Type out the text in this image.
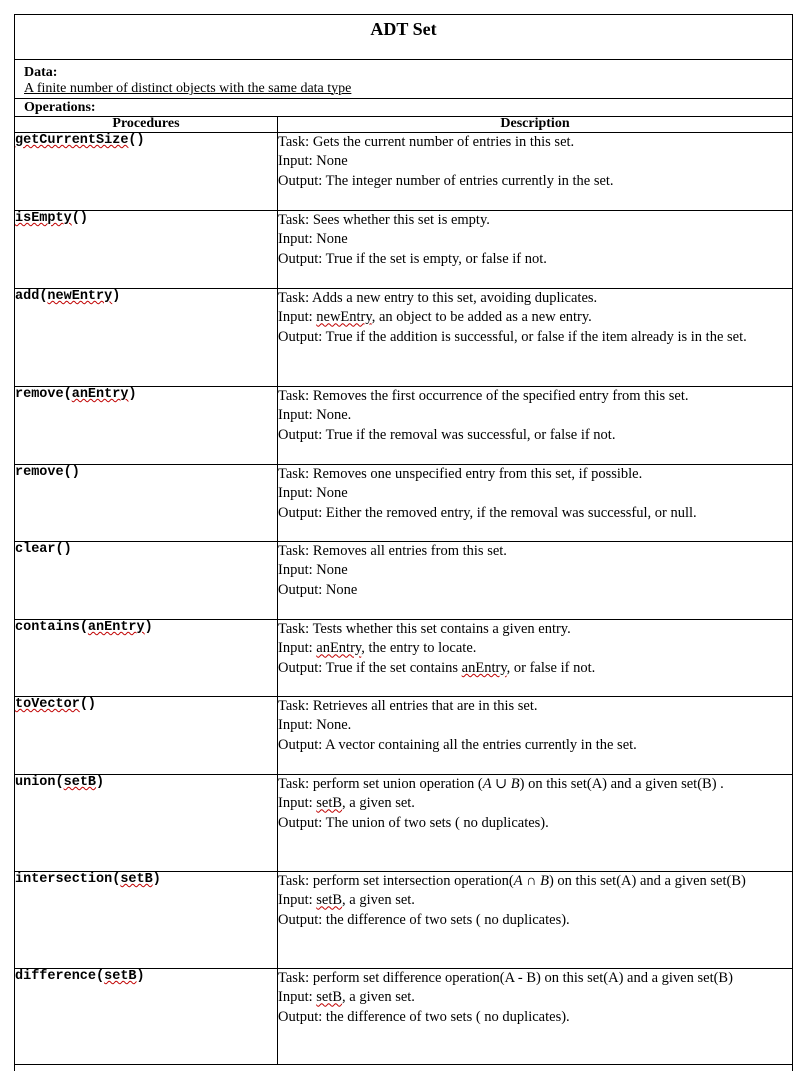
ADT Set
Data:
A finite number of distinct objects with the same data type
Operations:
Procedures	Description
getCurrentSize()	Task: Gets the current number of entries in this set.
Input: None
Output: The integer number of entries currently in the set.

isEmpty()	Task: Sees whether this set is empty.
Input: None
Output: True if the set is empty, or false if not.

add(newEntry)	Task: Adds a new entry to this set, avoiding duplicates.
Input: newEntry, an object to be added as a new entry.
Output: True if the addition is successful, or false if the item already is in the set.

remove(anEntry)	Task: Removes the first occurrence of the specified entry from this set.
Input: None.
Output: True if the removal was successful, or false if not.

remove()	Task: Removes one unspecified entry from this set, if possible.
Input: None
Output: Either the removed entry, if the removal was successful, or null.

clear()	Task: Removes all entries from this set.
Input: None
Output: None

contains(anEntry)	Task: Tests whether this set contains a given entry.
Input: anEntry, the entry to locate.
Output: True if the set contains anEntry, or false if not.

toVector()	Task: Retrieves all entries that are in this set.
Input: None.
Output: A vector containing all the entries currently in the set.

union(setB)	Task: perform set union operation (A ∪ B) on this set(A) and a given set(B) .
Input: setB, a given set.
Output: The union of two sets ( no duplicates).

intersection(setB)	Task: perform set intersection operation(A ∩ B) on this set(A) and a given set(B)
Input: setB, a given set.
Output: the difference of two sets ( no duplicates).

difference(setB)	Task: perform set difference operation(A - B) on this set(A) and a given set(B)
Input: setB, a given set.
Output: the difference of two sets ( no duplicates).
